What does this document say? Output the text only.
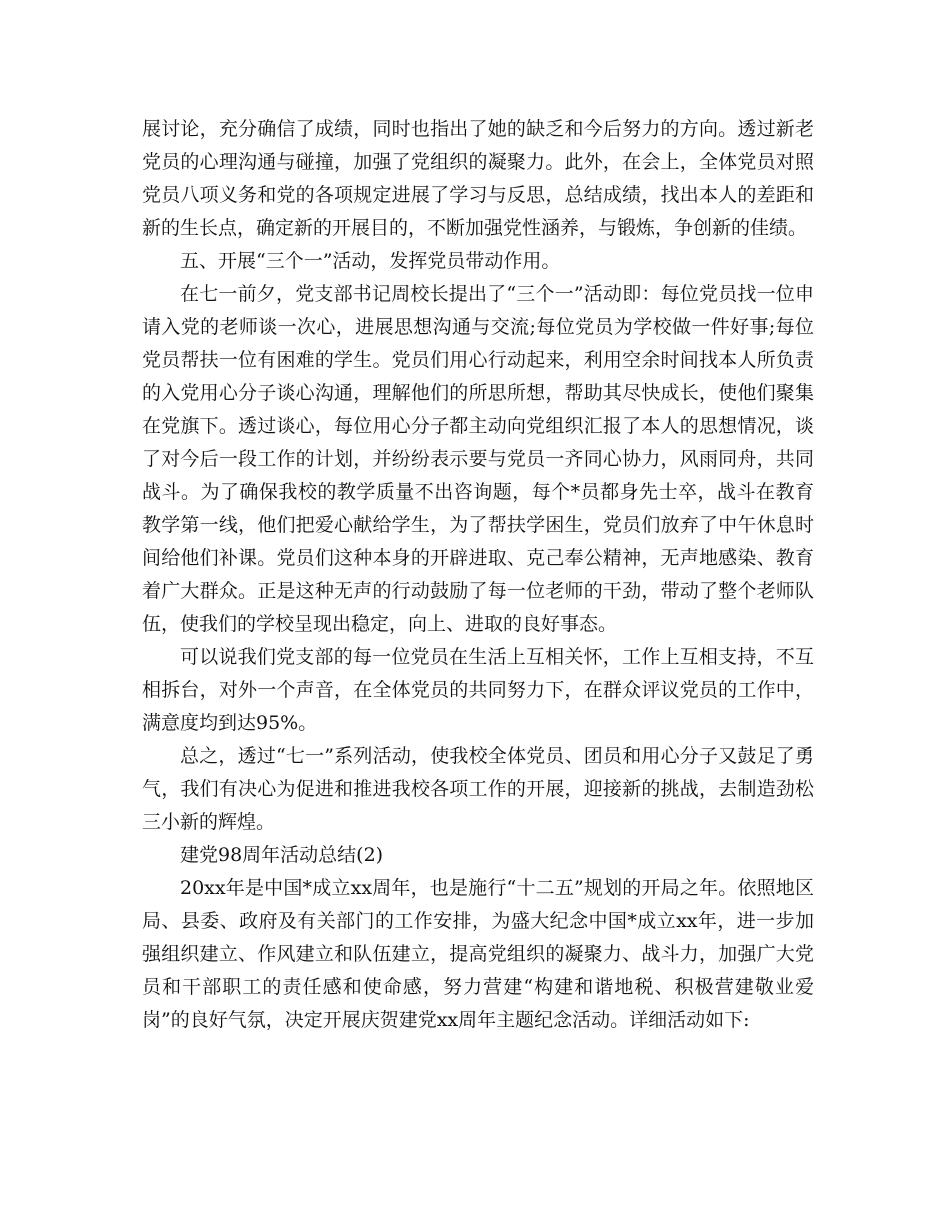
展讨论，充分确信了成绩，同时也指出了她的缺乏和今后努力的方向。透过新老党员的心理沟通与碰撞，加强了党组织的凝聚力。此外，在会上，全体党员对照党员八项义务和党的各项规定进展了学习与反思，总结成绩，找出本人的差距和新的生长点，确定新的开展目的，不断加强党性涵养，与锻炼，争创新的佳绩。

五、开展“三个一”活动，发挥党员带动作用。

在七一前夕，党支部书记周校长提出了“三个一”活动即：每位党员找一位申请入党的老师谈一次心，进展思想沟通与交流;每位党员为学校做一件好事;每位党员帮扶一位有困难的学生。党员们用心行动起来，利用空余时间找本人所负责的入党用心分子谈心沟通，理解他们的所思所想，帮助其尽快成长，使他们聚集在党旗下。透过谈心，每位用心分子都主动向党组织汇报了本人的思想情况，谈了对今后一段工作的计划，并纷纷表示要与党员一齐同心协力，风雨同舟，共同战斗。为了确保我校的教学质量不出咨询题，每个*员都身先士卒，战斗在教育教学第一线，他们把爱心献给学生，为了帮扶学困生，党员们放弃了中午休息时间给他们补课。党员们这种本身的开辟进取、克己奉公精神，无声地感染、教育着广大群众。正是这种无声的行动鼓励了每一位老师的干劲，带动了整个老师队伍，使我们的学校呈现出稳定，向上、进取的良好事态。

可以说我们党支部的每一位党员在生活上互相关怀，工作上互相支持，不互相拆台，对外一个声音，在全体党员的共同努力下，在群众评议党员的工作中，满意度均到达95%。

总之，透过“七一”系列活动，使我校全体党员、团员和用心分子又鼓足了勇气，我们有决心为促进和推进我校各项工作的开展，迎接新的挑战，去制造劲松三小新的辉煌。

建党98周年活动总结(2)

20xx年是中国*成立xx周年，也是施行“十二五”规划的开局之年。依照地区局、县委、政府及有关部门的工作安排，为盛大纪念中国*成立xx年，进一步加强组织建立、作风建立和队伍建立，提高党组织的凝聚力、战斗力，加强广大党员和干部职工的责任感和使命感，努力营建“构建和谐地税、积极营建敬业爱岗”的良好气氛，决定开展庆贺建党xx周年主题纪念活动。详细活动如下:
